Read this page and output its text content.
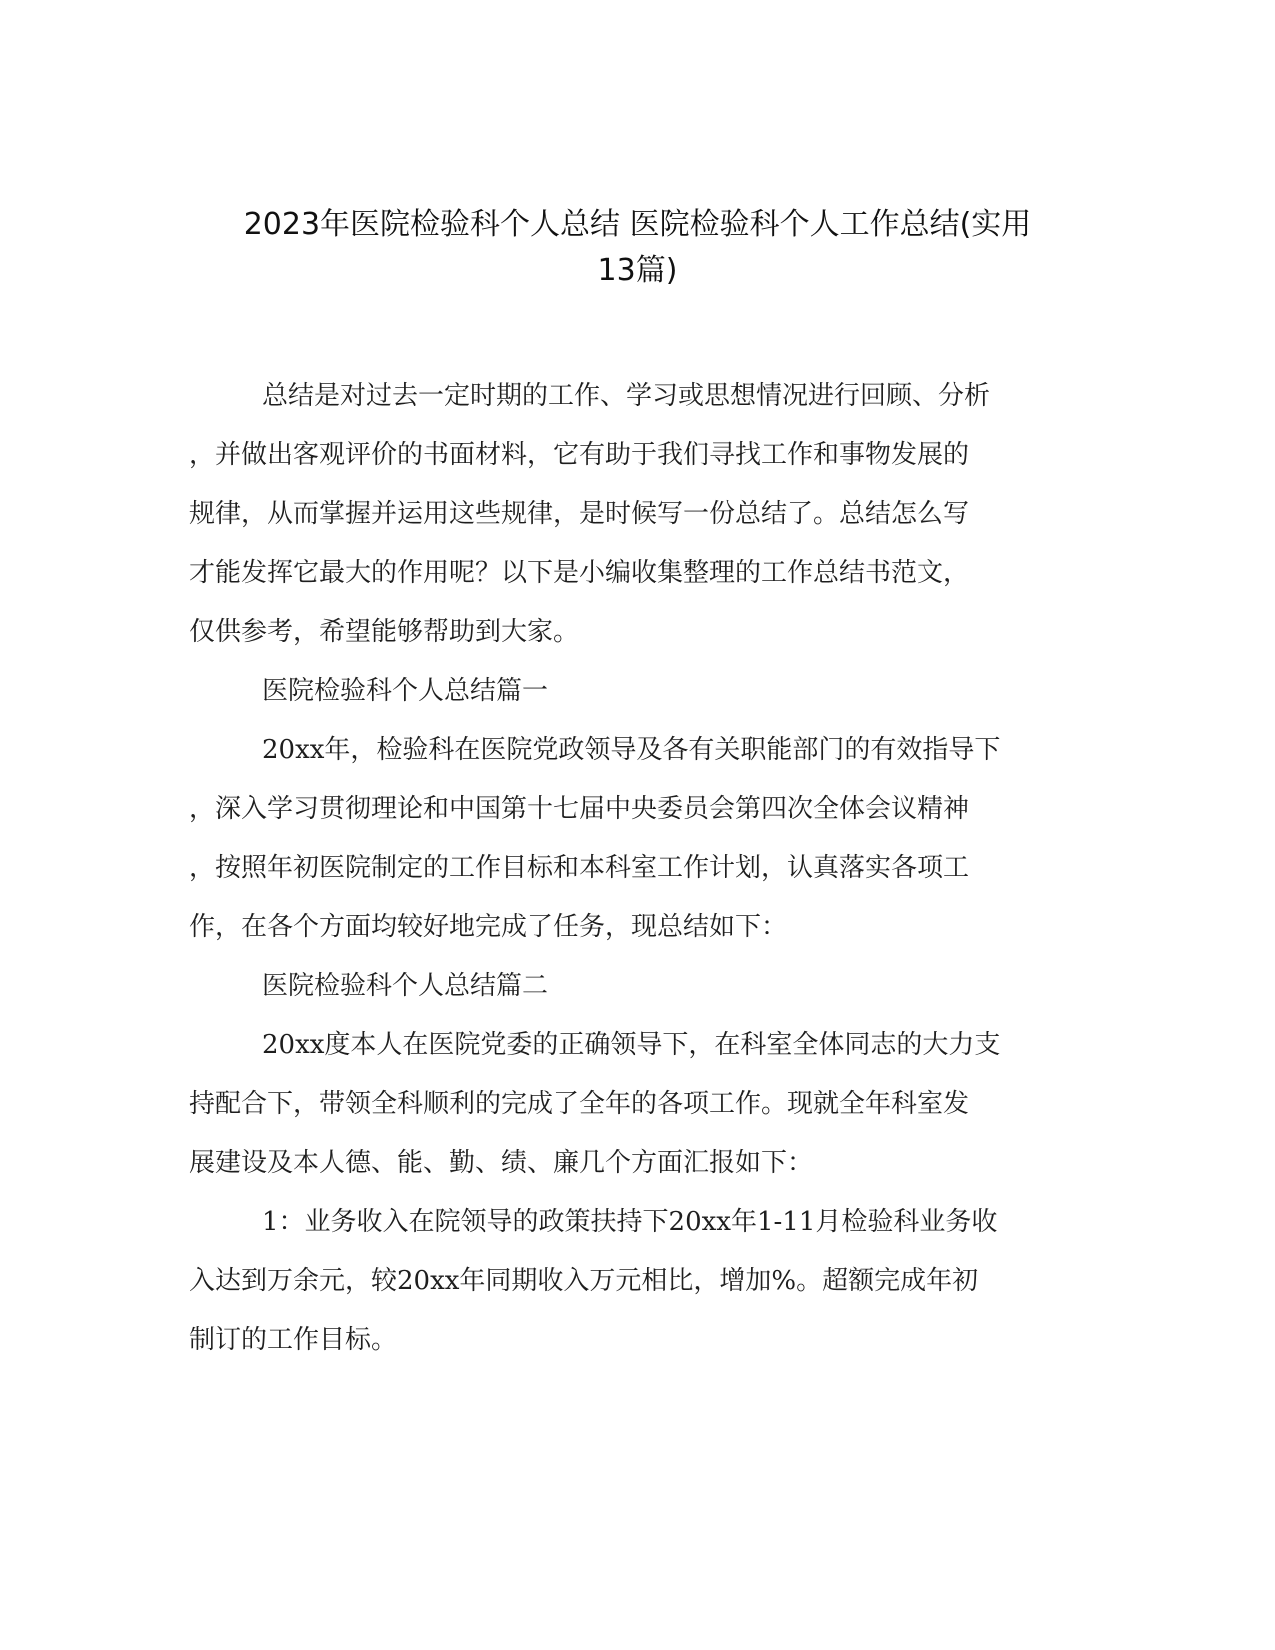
2023年医院检验科个人总结 医院检验科个人工作总结(实用
13篇)
总结是对过去一定时期的工作、学习或思想情况进行回顾、分析
，并做出客观评价的书面材料，它有助于我们寻找工作和事物发展的
规律，从而掌握并运用这些规律，是时候写一份总结了。总结怎么写
才能发挥它最大的作用呢？以下是小编收集整理的工作总结书范文，
仅供参考，希望能够帮助到大家。
医院检验科个人总结篇一
20xx年，检验科在医院党政领导及各有关职能部门的有效指导下
，深入学习贯彻理论和中国第十七届中央委员会第四次全体会议精神
，按照年初医院制定的工作目标和本科室工作计划，认真落实各项工
作，在各个方面均较好地完成了任务，现总结如下：
医院检验科个人总结篇二
20xx度本人在医院党委的正确领导下，在科室全体同志的大力支
持配合下，带领全科顺利的完成了全年的各项工作。现就全年科室发
展建设及本人德、能、勤、绩、廉几个方面汇报如下：
1：业务收入在院领导的政策扶持下20xx年1-11月检验科业务收
入达到万余元，较20xx年同期收入万元相比，增加%。超额完成年初
制订的工作目标。
